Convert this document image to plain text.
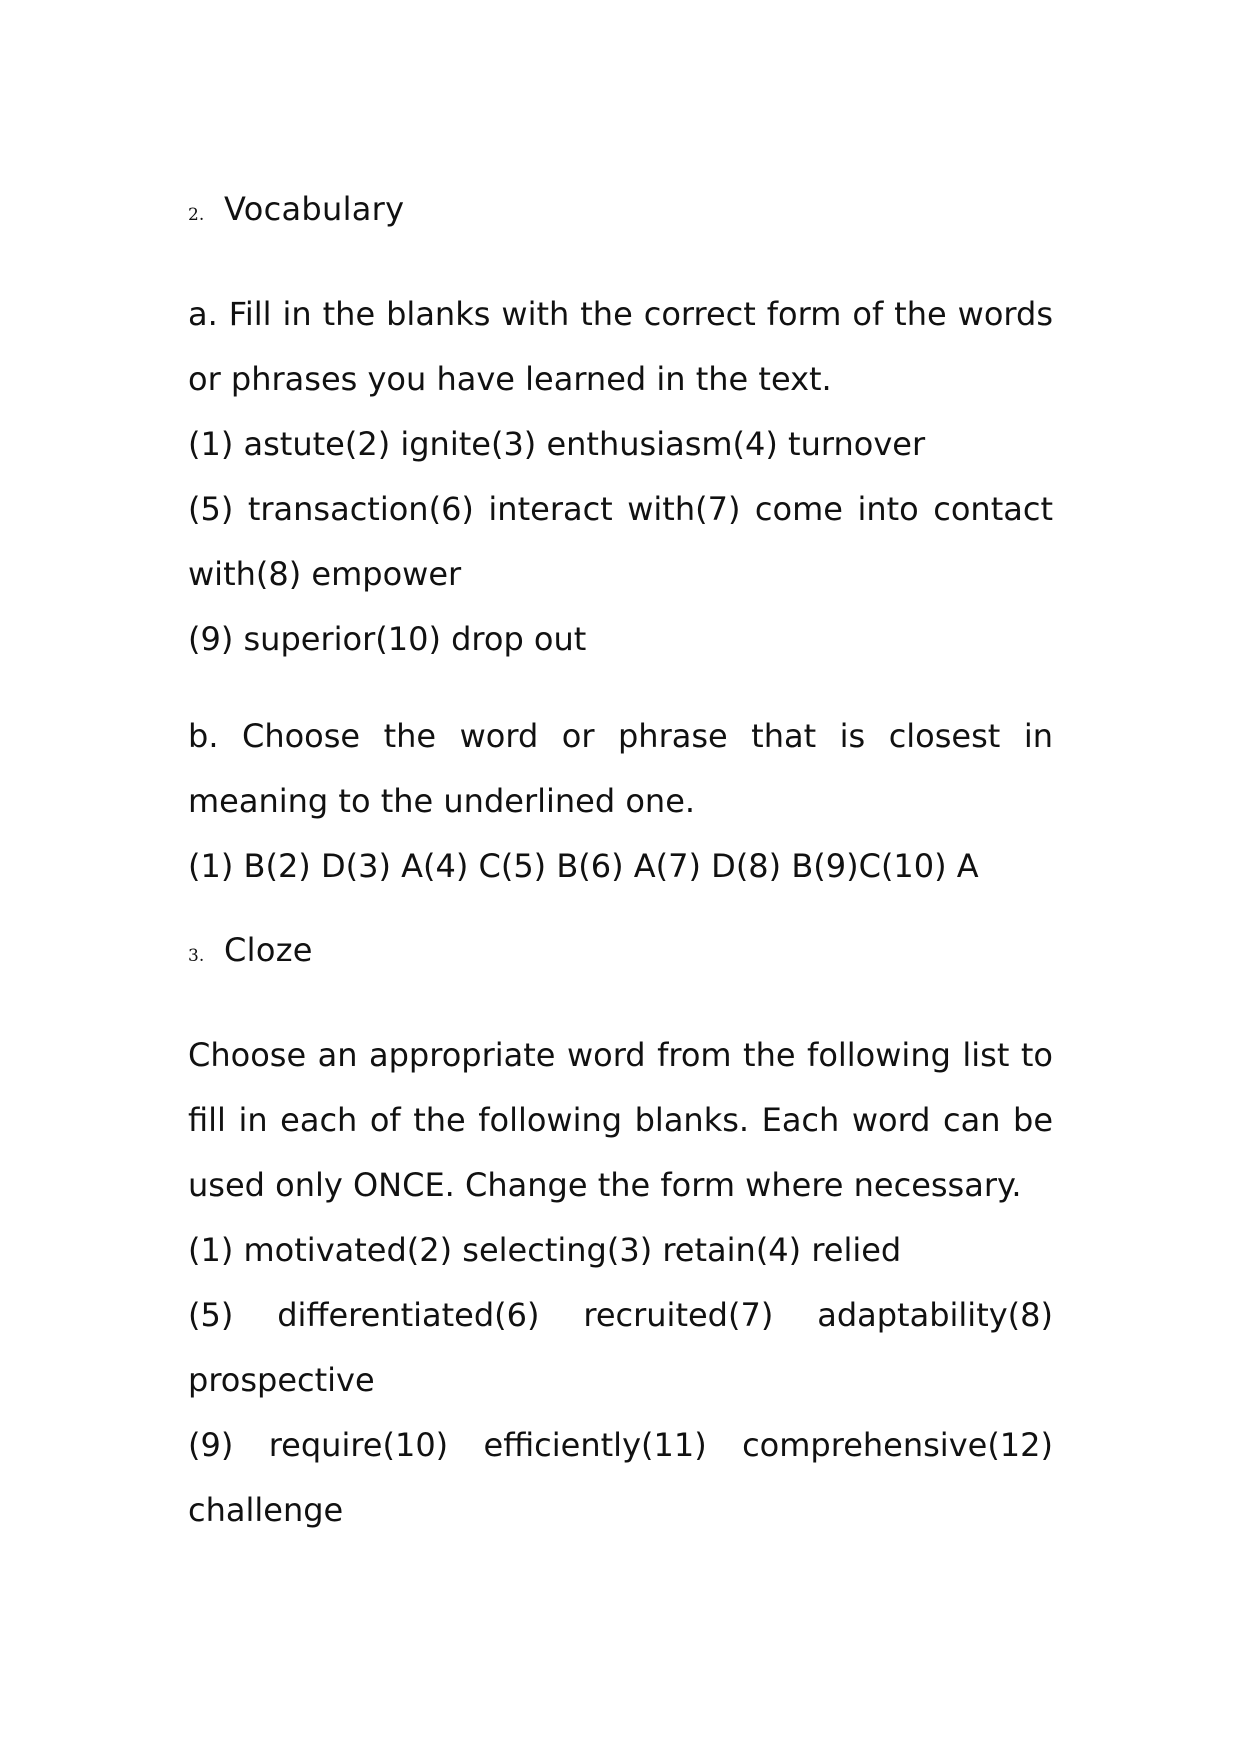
2. Vocabulary

a. Fill in the blanks with the correct form of the words or phrases you have learned in the text.

(1) astute(2) ignite(3) enthusiasm(4) turnover

(5) transaction(6) interact with(7) come into contact with(8) empower

(9) superior(10) drop out

b. Choose the word or phrase that is closest in meaning to the underlined one.

(1) B(2) D(3) A(4) C(5) B(6) A(7) D(8) B(9)C(10) A

3. Cloze

Choose an appropriate word from the following list to fill in each of the following blanks. Each word can be used only ONCE. Change the form where necessary.

(1) motivated(2) selecting(3) retain(4) relied

(5) differentiated(6) recruited(7) adaptability(8) prospective

(9) require(10) efficiently(11) comprehensive(12) challenge
